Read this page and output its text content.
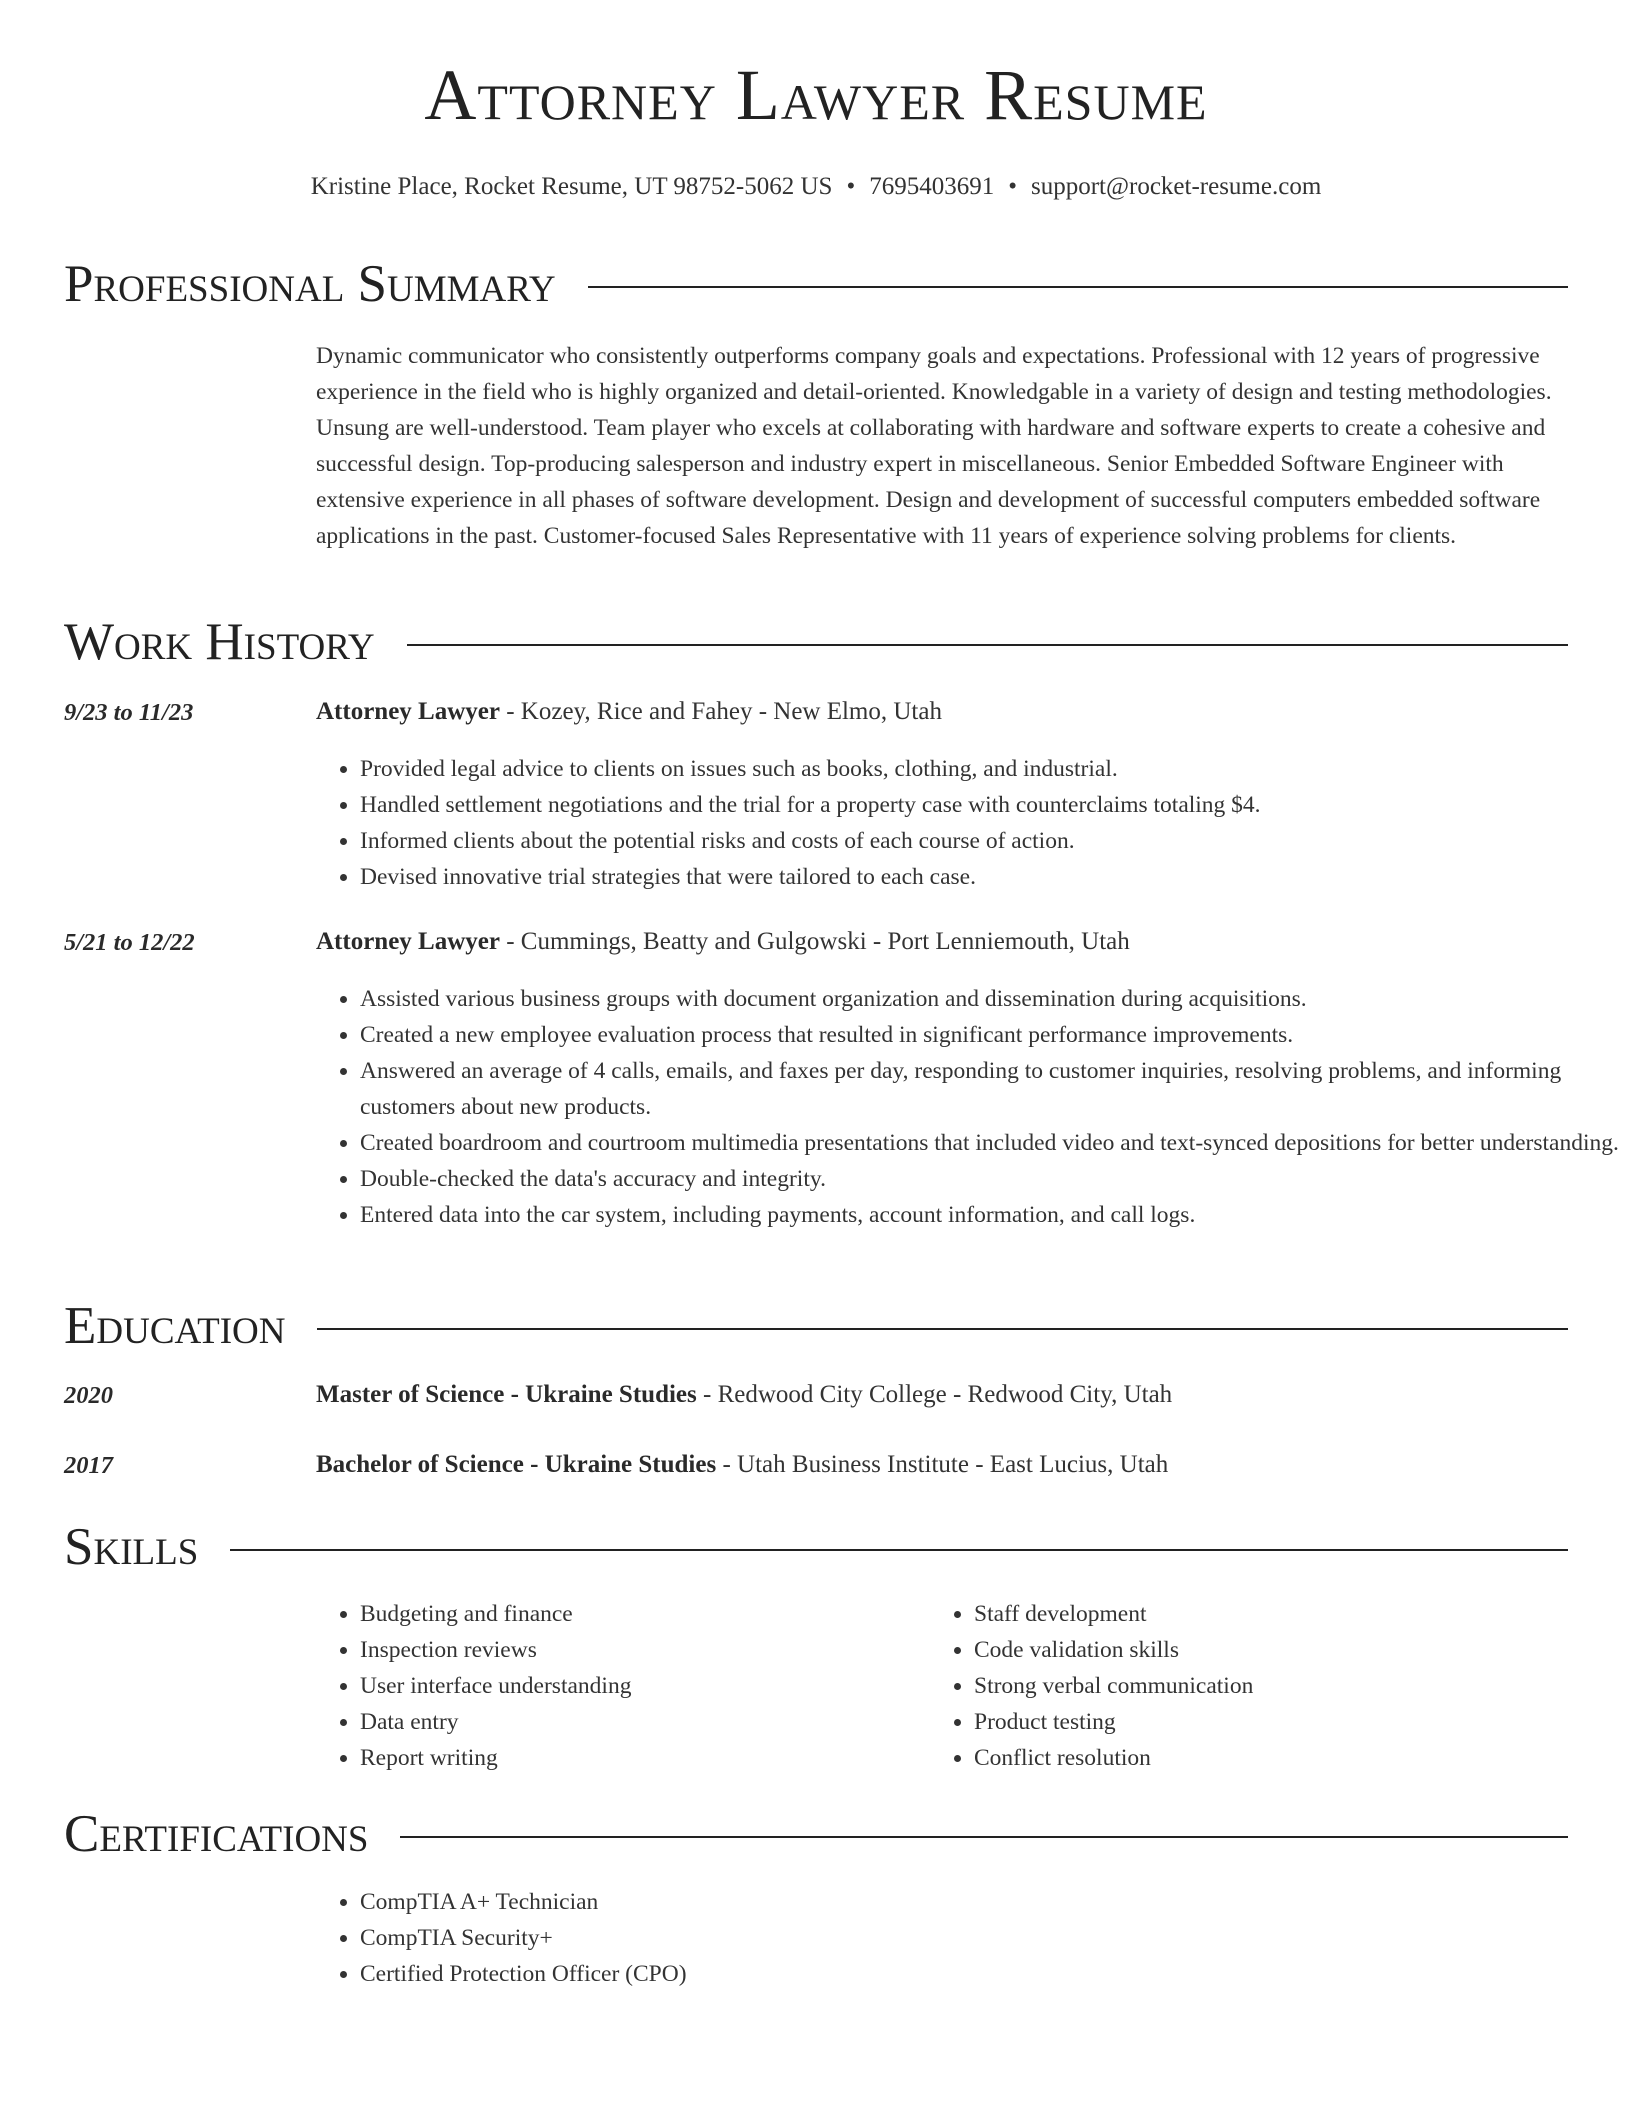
Attorney Lawyer Resume
Kristine Place, Rocket Resume, UT 98752-5062 US • 7695403691 • support@rocket-resume.com
Professional Summary
Dynamic communicator who consistently outperforms company goals and expectations. Professional with 12 years of progressive experience in the field who is highly organized and detail-oriented. Knowledgable in a variety of design and testing methodologies. Unsung are well-understood. Team player who excels at collaborating with hardware and software experts to create a cohesive and successful design. Top-producing salesperson and industry expert in miscellaneous. Senior Embedded Software Engineer with extensive experience in all phases of software development. Design and development of successful computers embedded software applications in the past. Customer-focused Sales Representative with 11 years of experience solving problems for clients.
Work History
9/23 to 11/23	Attorney Lawyer - Kozey, Rice and Fahey - New Elmo, Utah
• Provided legal advice to clients on issues such as books, clothing, and industrial.
• Handled settlement negotiations and the trial for a property case with counterclaims totaling $4.
• Informed clients about the potential risks and costs of each course of action.
• Devised innovative trial strategies that were tailored to each case.
5/21 to 12/22	Attorney Lawyer - Cummings, Beatty and Gulgowski - Port Lenniemouth, Utah
• Assisted various business groups with document organization and dissemination during acquisitions.
• Created a new employee evaluation process that resulted in significant performance improvements.
• Answered an average of 4 calls, emails, and faxes per day, responding to customer inquiries, resolving problems, and informing customers about new products.
• Created boardroom and courtroom multimedia presentations that included video and text-synced depositions for better understanding.
• Double-checked the data's accuracy and integrity.
• Entered data into the car system, including payments, account information, and call logs.
Education
2020	Master of Science - Ukraine Studies - Redwood City College - Redwood City, Utah
2017	Bachelor of Science - Ukraine Studies - Utah Business Institute - East Lucius, Utah
Skills
• Budgeting and finance
• Inspection reviews
• User interface understanding
• Data entry
• Report writing
• Staff development
• Code validation skills
• Strong verbal communication
• Product testing
• Conflict resolution
Certifications
• CompTIA A+ Technician
• CompTIA Security+
• Certified Protection Officer (CPO)
